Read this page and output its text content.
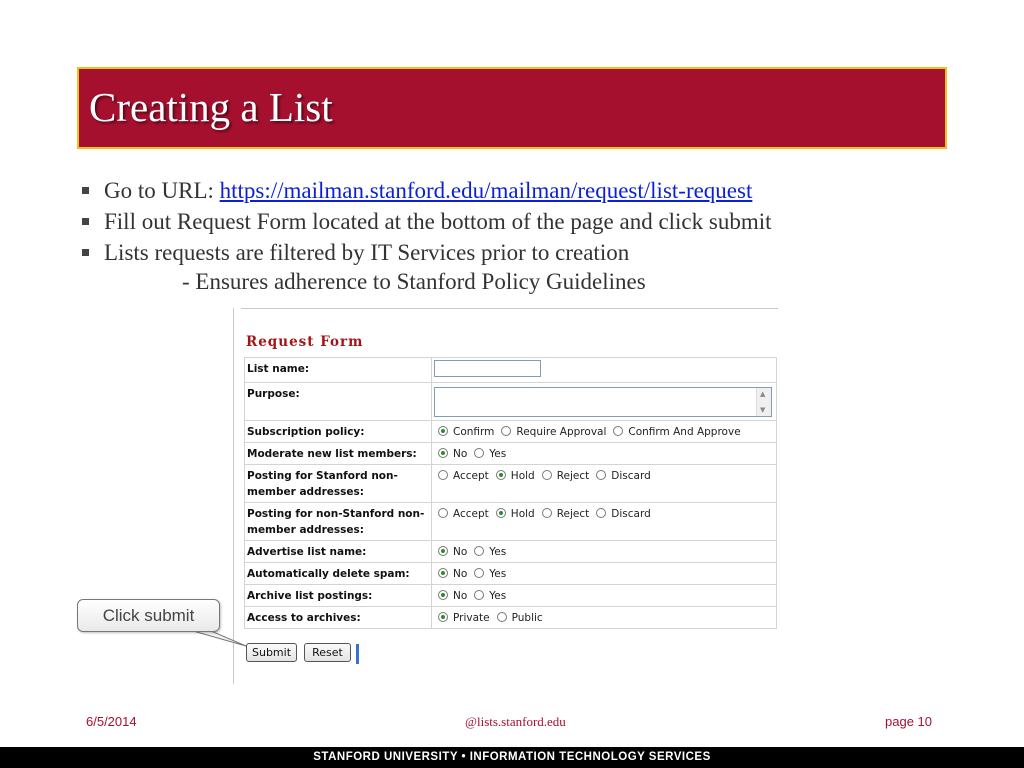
Creating a List
Go to URL: https://mailman.stanford.edu/mailman/request/list-request
Fill out Request Form located at the bottom of the page and click submit
Lists requests are filtered by IT Services prior to creation
- Ensures adherence to Stanford Policy Guidelines
Request Form
List name:	

Purpose:	▲
▼

Subscription policy:	Confirm Require Approval Confirm And Approve
Moderate new list members:	No Yes
Posting for Stanford non-member addresses:	Accept Hold Reject Discard
Posting for non-Stanford non-member addresses:	Accept Hold Reject Discard
Advertise list name:	No Yes
Automatically delete spam:	No Yes
Archive list postings:	No Yes
Access to archives:	Private Public
Submit	Reset
Click submit
6/5/2014	@lists.stanford.edu	page 10
STANFORD UNIVERSITY • INFORMATION TECHNOLOGY SERVICES
